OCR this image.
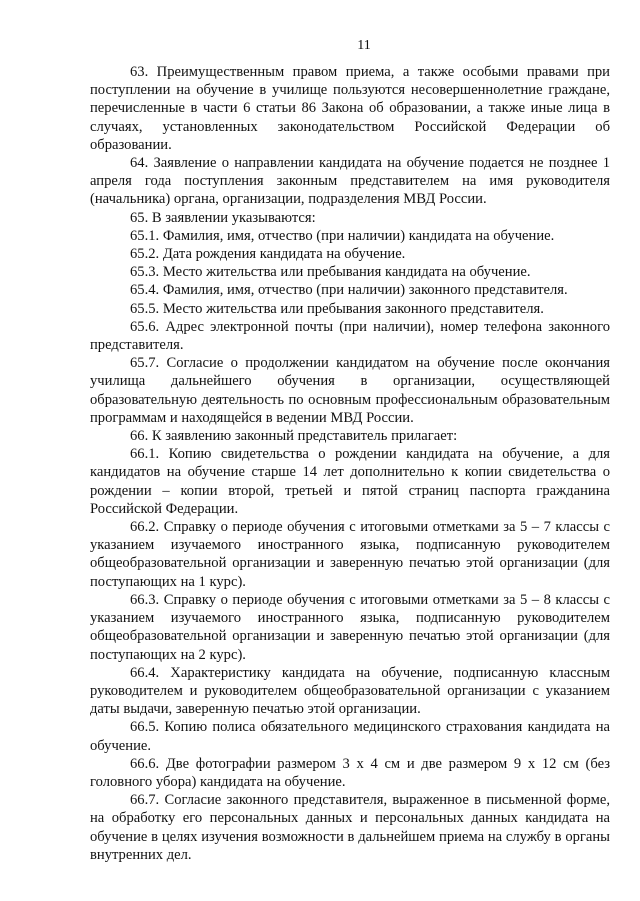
11

63. Преимущественным правом приема, а также особыми правами при поступлении на обучение в училище пользуются несовершеннолетние граждане, перечисленные в части 6 статьи 86 Закона об образовании, а также иные лица в случаях, установленных законодательством Российской Федерации об образовании.

64. Заявление о направлении кандидата на обучение подается не позднее 1 апреля года поступления законным представителем на имя руководителя (начальника) органа, организации, подразделения МВД России.

65. В заявлении указываются:

65.1. Фамилия, имя, отчество (при наличии) кандидата на обучение.

65.2. Дата рождения кандидата на обучение.

65.3. Место жительства или пребывания кандидата на обучение.

65.4. Фамилия, имя, отчество (при наличии) законного представителя.

65.5. Место жительства или пребывания законного представителя.

65.6. Адрес электронной почты (при наличии), номер телефона законного представителя.

65.7. Согласие о продолжении кандидатом на обучение после окончания училища дальнейшего обучения в организации, осуществляющей образовательную деятельность по основным профессиональным образовательным программам и находящейся в ведении МВД России.

66. К заявлению законный представитель прилагает:

66.1. Копию свидетельства о рождении кандидата на обучение, а для кандидатов на обучение старше 14 лет дополнительно к копии свидетельства о рождении – копии второй, третьей и пятой страниц паспорта гражданина Российской Федерации.

66.2. Справку о периоде обучения с итоговыми отметками за 5 – 7 классы с указанием изучаемого иностранного языка, подписанную руководителем общеобразовательной организации и заверенную печатью этой организации (для поступающих на 1 курс).

66.3. Справку о периоде обучения с итоговыми отметками за 5 – 8 классы с указанием изучаемого иностранного языка, подписанную руководителем общеобразовательной организации и заверенную печатью этой организации (для поступающих на 2 курс).

66.4. Характеристику кандидата на обучение, подписанную классным руководителем и руководителем общеобразовательной организации с указанием даты выдачи, заверенную печатью этой организации.

66.5. Копию полиса обязательного медицинского страхования кандидата на обучение.

66.6. Две фотографии размером 3 х 4 см и две размером 9 х 12 см (без головного убора) кандидата на обучение.

66.7. Согласие законного представителя, выраженное в письменной форме, на обработку его персональных данных и персональных данных кандидата на обучение в целях изучения возможности в дальнейшем приема на службу в органы внутренних дел.
